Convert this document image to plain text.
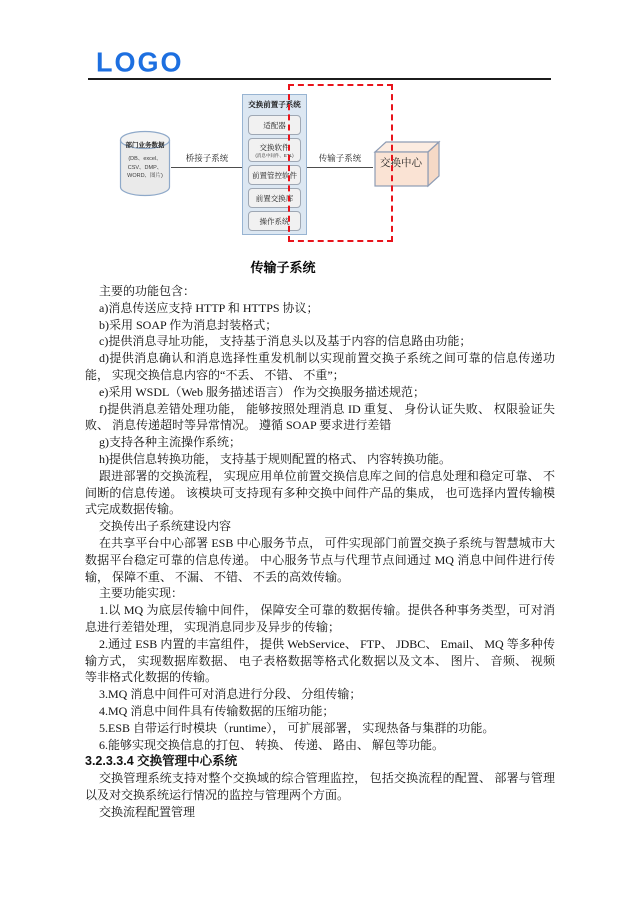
LOGO
部门业务数据
(DB、excel、
CSV、DMP、
WORD、图片)
桥接子系统
交换前置子系统
适配器
交换软件
(消息中间件、ETL)
前置管控软件
前置交换库
操作系统
传输子系统	交换中心
传输子系统

主要的功能包含：

a)消息传送应支持 HTTP 和 HTTPS 协议；

b)采用 SOAP 作为消息封装格式；

c)提供消息寻址功能， 支持基于消息头以及基于内容的信息路由功能；

d)提供消息确认和消息选择性重发机制以实现前置交换子系统之间可靠的信息传递功能， 实现交换信息内容的“不丢、 不错、 不重”；

e)采用 WSDL（Web 服务描述语言） 作为交换服务描述规范；

f)提供消息差错处理功能， 能够按照处理消息 ID 重复、 身份认证失败、 权限验证失败、 消息传递超时等异常情况。 遵循 SOAP 要求进行差错

g)支持各种主流操作系统；

h)提供信息转换功能， 支持基于规则配置的格式、 内容转换功能。

跟进部署的交换流程， 实现应用单位前置交换信息库之间的信息处理和稳定可靠、 不间断的信息传递。 该模块可支持现有多种交换中间件产品的集成， 也可选择内置传输模式完成数据传输。

交换传出子系统建设内容

在共享平台中心部署 ESB 中心服务节点， 可件实现部门前置交换子系统与智慧城市大数据平台稳定可靠的信息传递。 中心服务节点与代理节点间通过 MQ 消息中间件进行传输， 保障不重、 不漏、 不错、 不丢的高效传输。

主要功能实现：

1.以 MQ 为底层传输中间件， 保障安全可靠的数据传输。提供各种事务类型，可对消息进行差错处理， 实现消息同步及异步的传输；

2.通过 ESB 内置的丰富组件， 提供 WebService、 FTP、 JDBC、 Email、 MQ 等多种传输方式， 实现数据库数据、 电子表格数据等格式化数据以及文本、 图片、 音频、 视频等非格式化数据的传输。

3.MQ 消息中间件可对消息进行分段、 分组传输；

4.MQ 消息中间件具有传输数据的压缩功能；

5.ESB 自带运行时模块（runtime）， 可扩展部署， 实现热备与集群的功能。

6.能够实现交换信息的打包、 转换、 传递、 路由、 解包等功能。

3.2.3.3.4 交换管理中心系统

交换管理系统支持对整个交换域的综合管理监控， 包括交换流程的配置、 部署与管理以及对交换系统运行情况的监控与管理两个方面。

交换流程配置管理
